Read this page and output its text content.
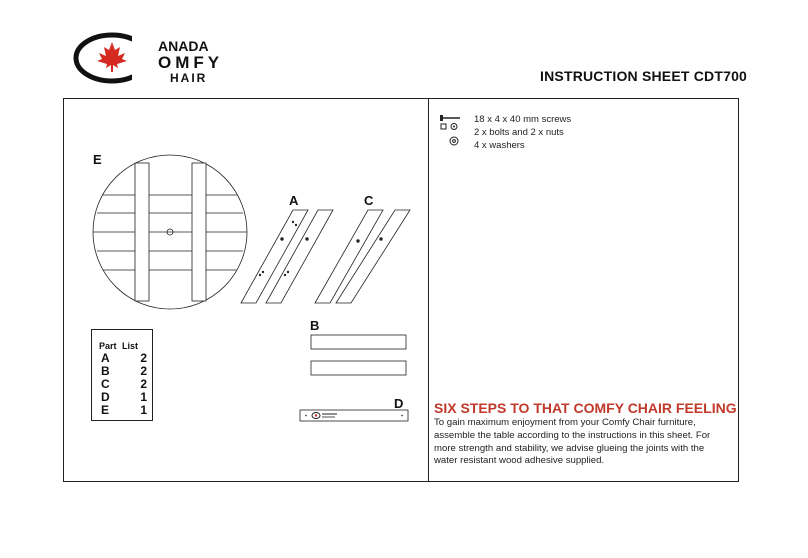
ANADA
OMFY
HAIR	INSTRUCTION SHEET CDT700
18 x 4 x 40 mm screws
2 x bolts and 2 x nuts
4 x washers
E
A	C
B
D
Part List
A	2
B	2
C	2
D	1
E	1	SIX STEPS TO THAT COMFY CHAIR FEELING
To gain maximum enjoyment from your Comfy Chair furniture, assemble the table according to the instructions in this sheet. For more strength and stability, we advise glueing the joints with the water resistant wood adhesive supplied.
